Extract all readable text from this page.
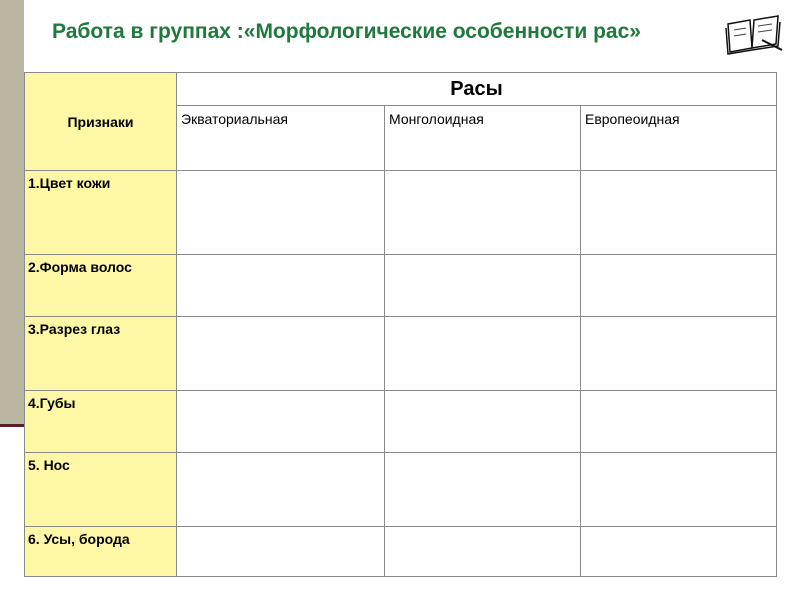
Работа в группах :«Морфологические особенности рас»
Признаки	Расы		
	Экваториальная	Монголоидная	Европеоидная
1.Цвет кожи			
2.Форма волос			
3.Разрез глаз			
4.Губы			
5. Нос			
6. Усы, борода			
